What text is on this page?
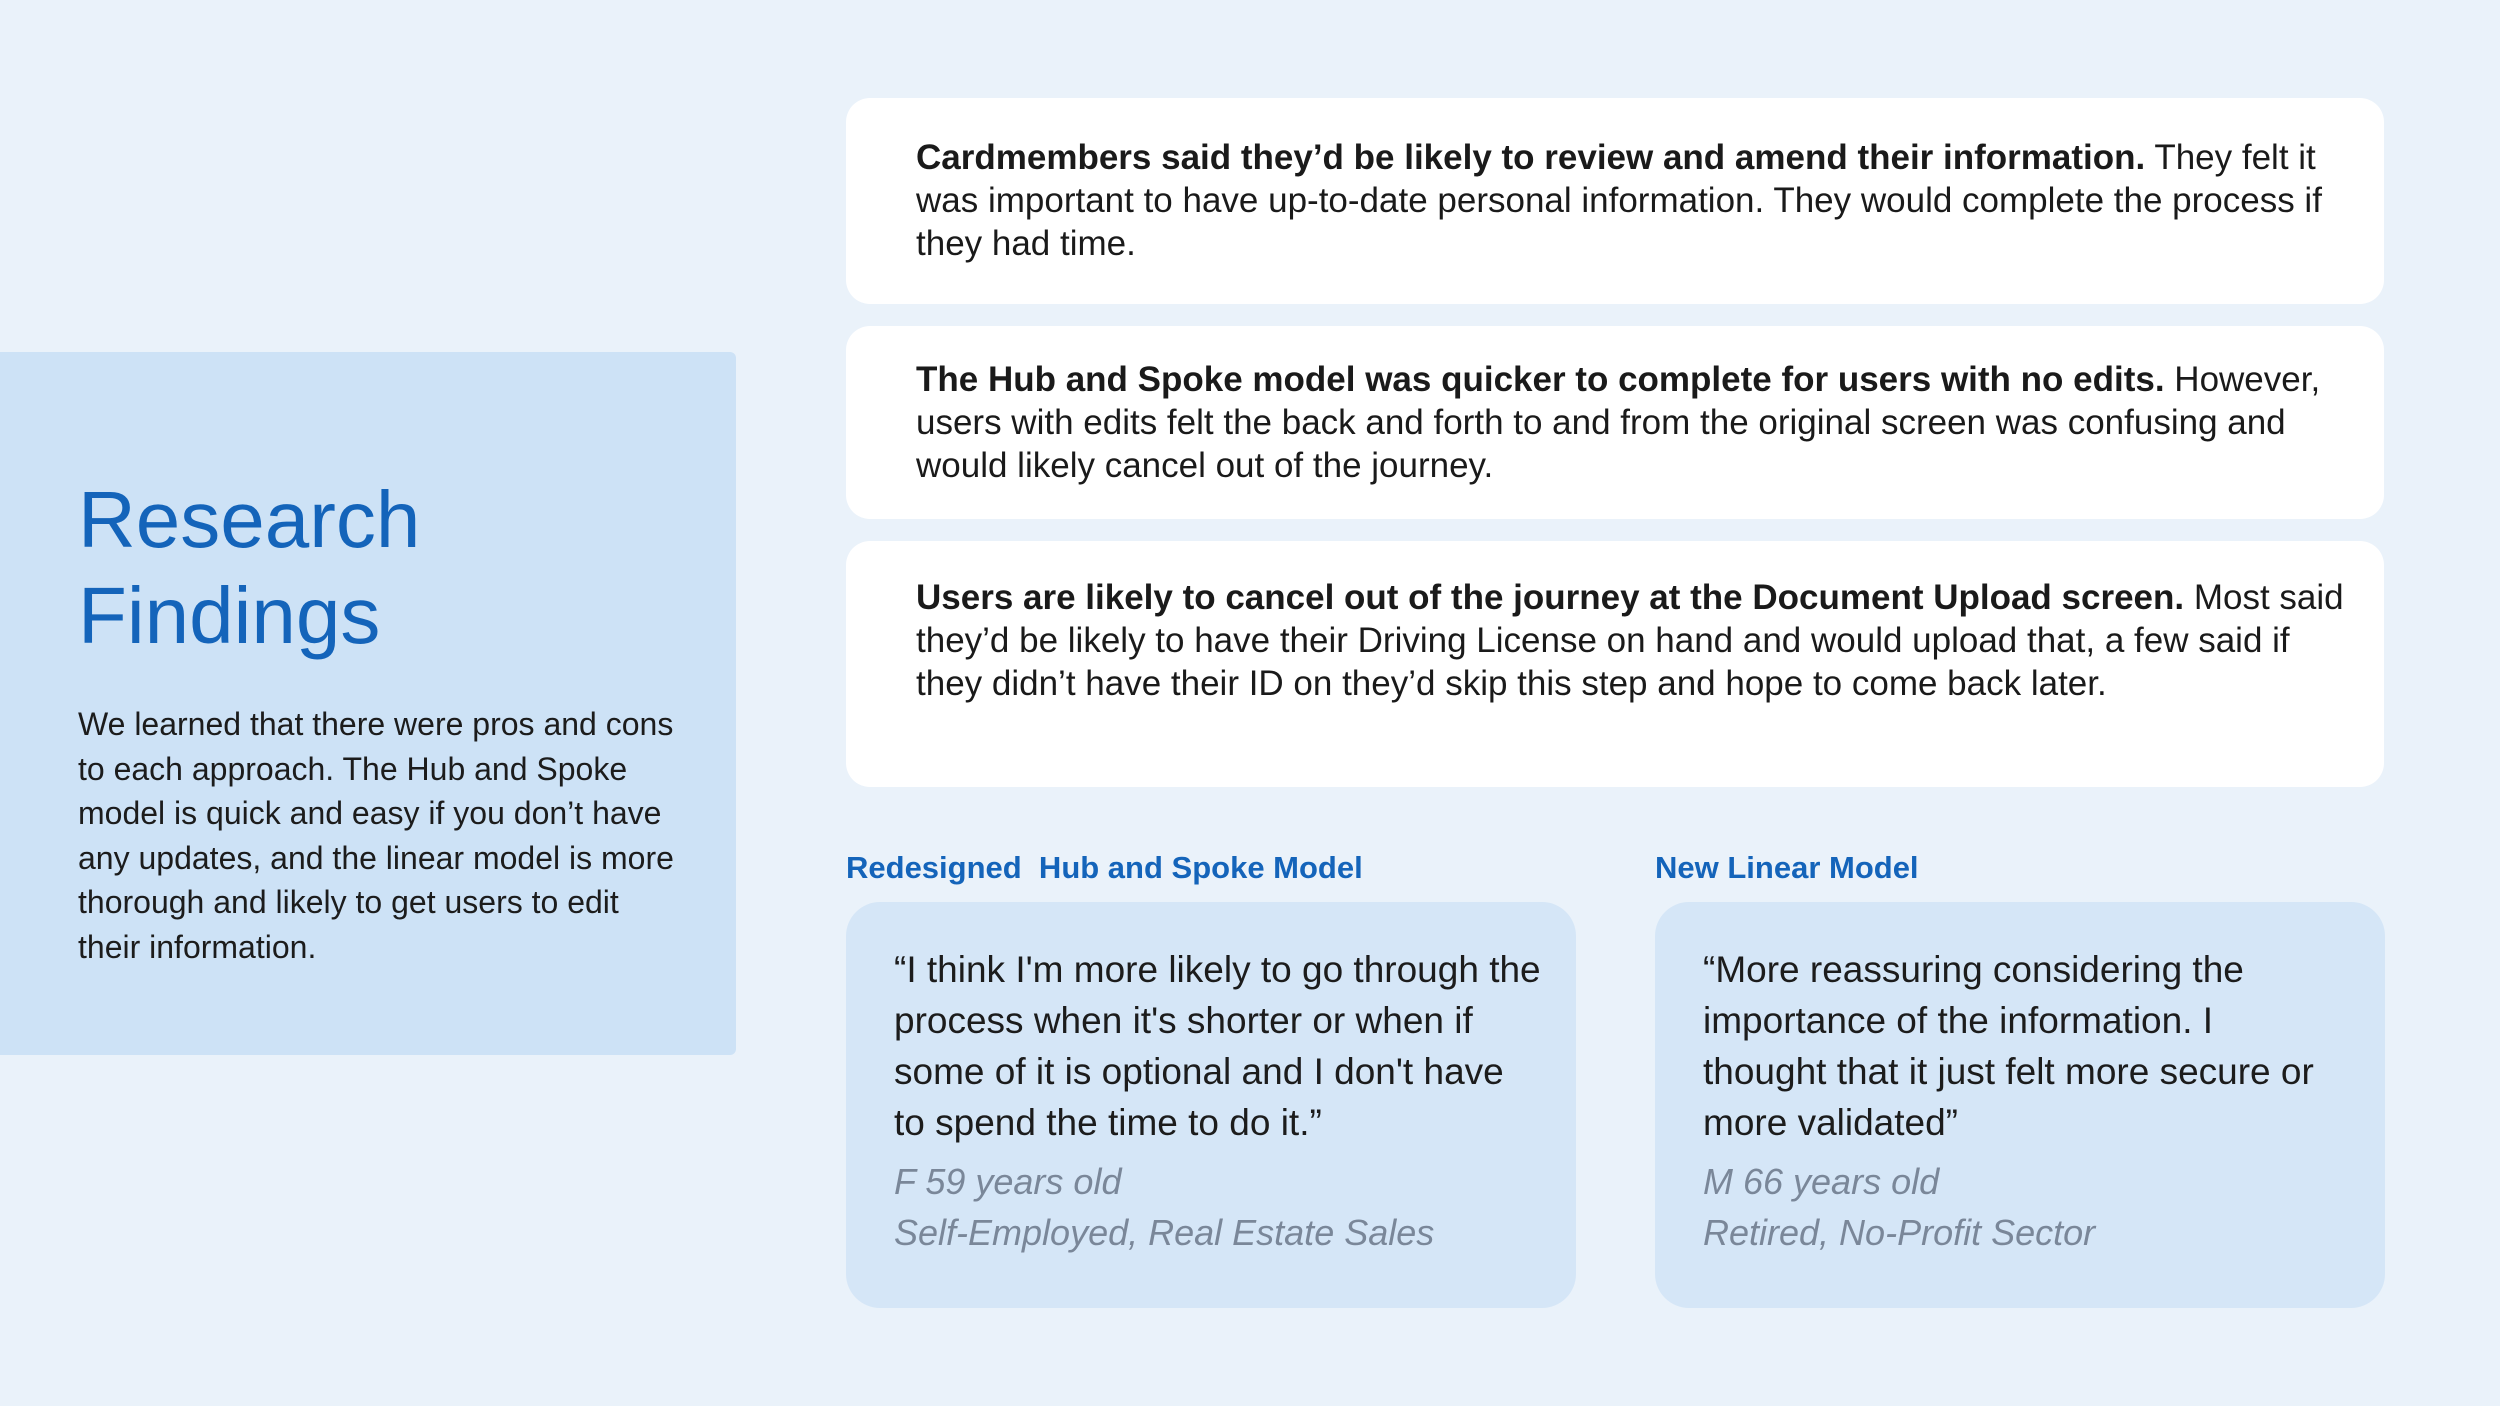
Research
Findings

We learned that there were pros and cons to each approach. The Hub and Spoke model is quick and easy if you don’t have any updates, and the linear model is more thorough and likely to get users to edit their information.

Cardmembers said they’d be likely to review and amend their information. They felt it was important to have up-to-date personal information. They would complete the process if they had time.

The Hub and Spoke model was quicker to complete for users with no edits. However, users with edits felt the back and forth to and from the original screen was confusing and would likely cancel out of the journey.

Users are likely to cancel out of the journey at the Document Upload screen. Most said they’d be likely to have their Driving License on hand and would upload that, a few said if they didn’t have their ID on they’d skip this step and hope to come back later.

Redesigned  Hub and Spoke Model

“I think I'm more likely to go through the process when it's shorter or when if some of it is optional and I don't have to spend the time to do it.”

F 59 years old
Self-Employed, Real Estate Sales

New Linear Model

“More reassuring considering the importance of the information. I thought that it just felt more secure or more validated”

M 66 years old
Retired, No-Profit Sector
